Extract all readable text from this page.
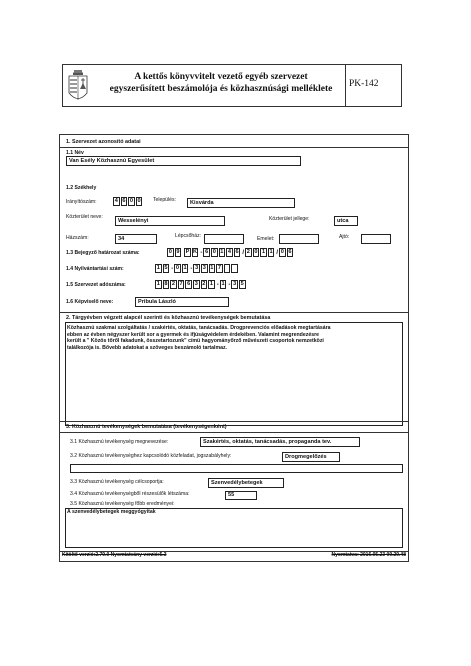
A kettős könyvvitelt vezető egyéb szervezet
egyszerűsített beszámolója és közhasznúsági melléklete	PK-142
1. Szervezet azonosító adatai
1.1 Név
Van Esély Közhasznú Egyesület
1.2 Székhely
Irányítószám:	4 6 0 0	Település:	Kisvárda
Közterület neve:
Wesselényi	Közterület jellege:	utca
Házszám:	34	Lépcsőház:	Emelet:	Ajtó:
1.3 Bejegyző határozat száma:	0 9	P K - 6 0 1 4 6 / 2 0 1 1 / 0 6
1.4 Nyilvántartási szám:	1 5 - 0 1 - 3 3 1 7
1.5 Szervezet adószáma:	1 8 2 7 6 3 2 1 - 1 - 3 5
1.6 Képviselő neve:	Pribula László
2. Tárgyévben végzett alapcél szerinti és közhasznú tevékenységek bemutatása
Közhasznú szakmai szolgáltatás / szakértés, oktatás, tanácsadás. Drogprevenciós előadások megtartására
ebben az évben négyszer került sor a gyermek és ifjúságvédelem érdekében. Valamint megrendezésre
került a " Közös tőről fakadunk, összetartozunk" címü hagyományőrző művészeti csoportok nemzetközi
találkozója is. Bővebb adatokat a szöveges beszámoló tartalmaz.
3. Közhasznú tevékenységek bemutatása (tevékenységenként)
3.1 Közhasznú tevékenység megnevezése:	Szakértés, oktatás, tanácsadás, propaganda tev.
3.2 Közhasznú tevékenységhez kapcsolódó közfeladat, jogszabályhely:	Drogmegelőzés
3.3 Közhasznú tevékenység célcsoportja:	Szenvedélybetegek
3.4 Közhasznú tevékenységből részesülők létszáma:	55
3.5 Közhasznú tevékenység főbb eredményei:
A szenvedélybetegek meggyógyitak
Kitöltő verzió:2.79.0 Nyomtatvány verzió:5.3	Nyomtatva: 2016.05.23 09.29.48
